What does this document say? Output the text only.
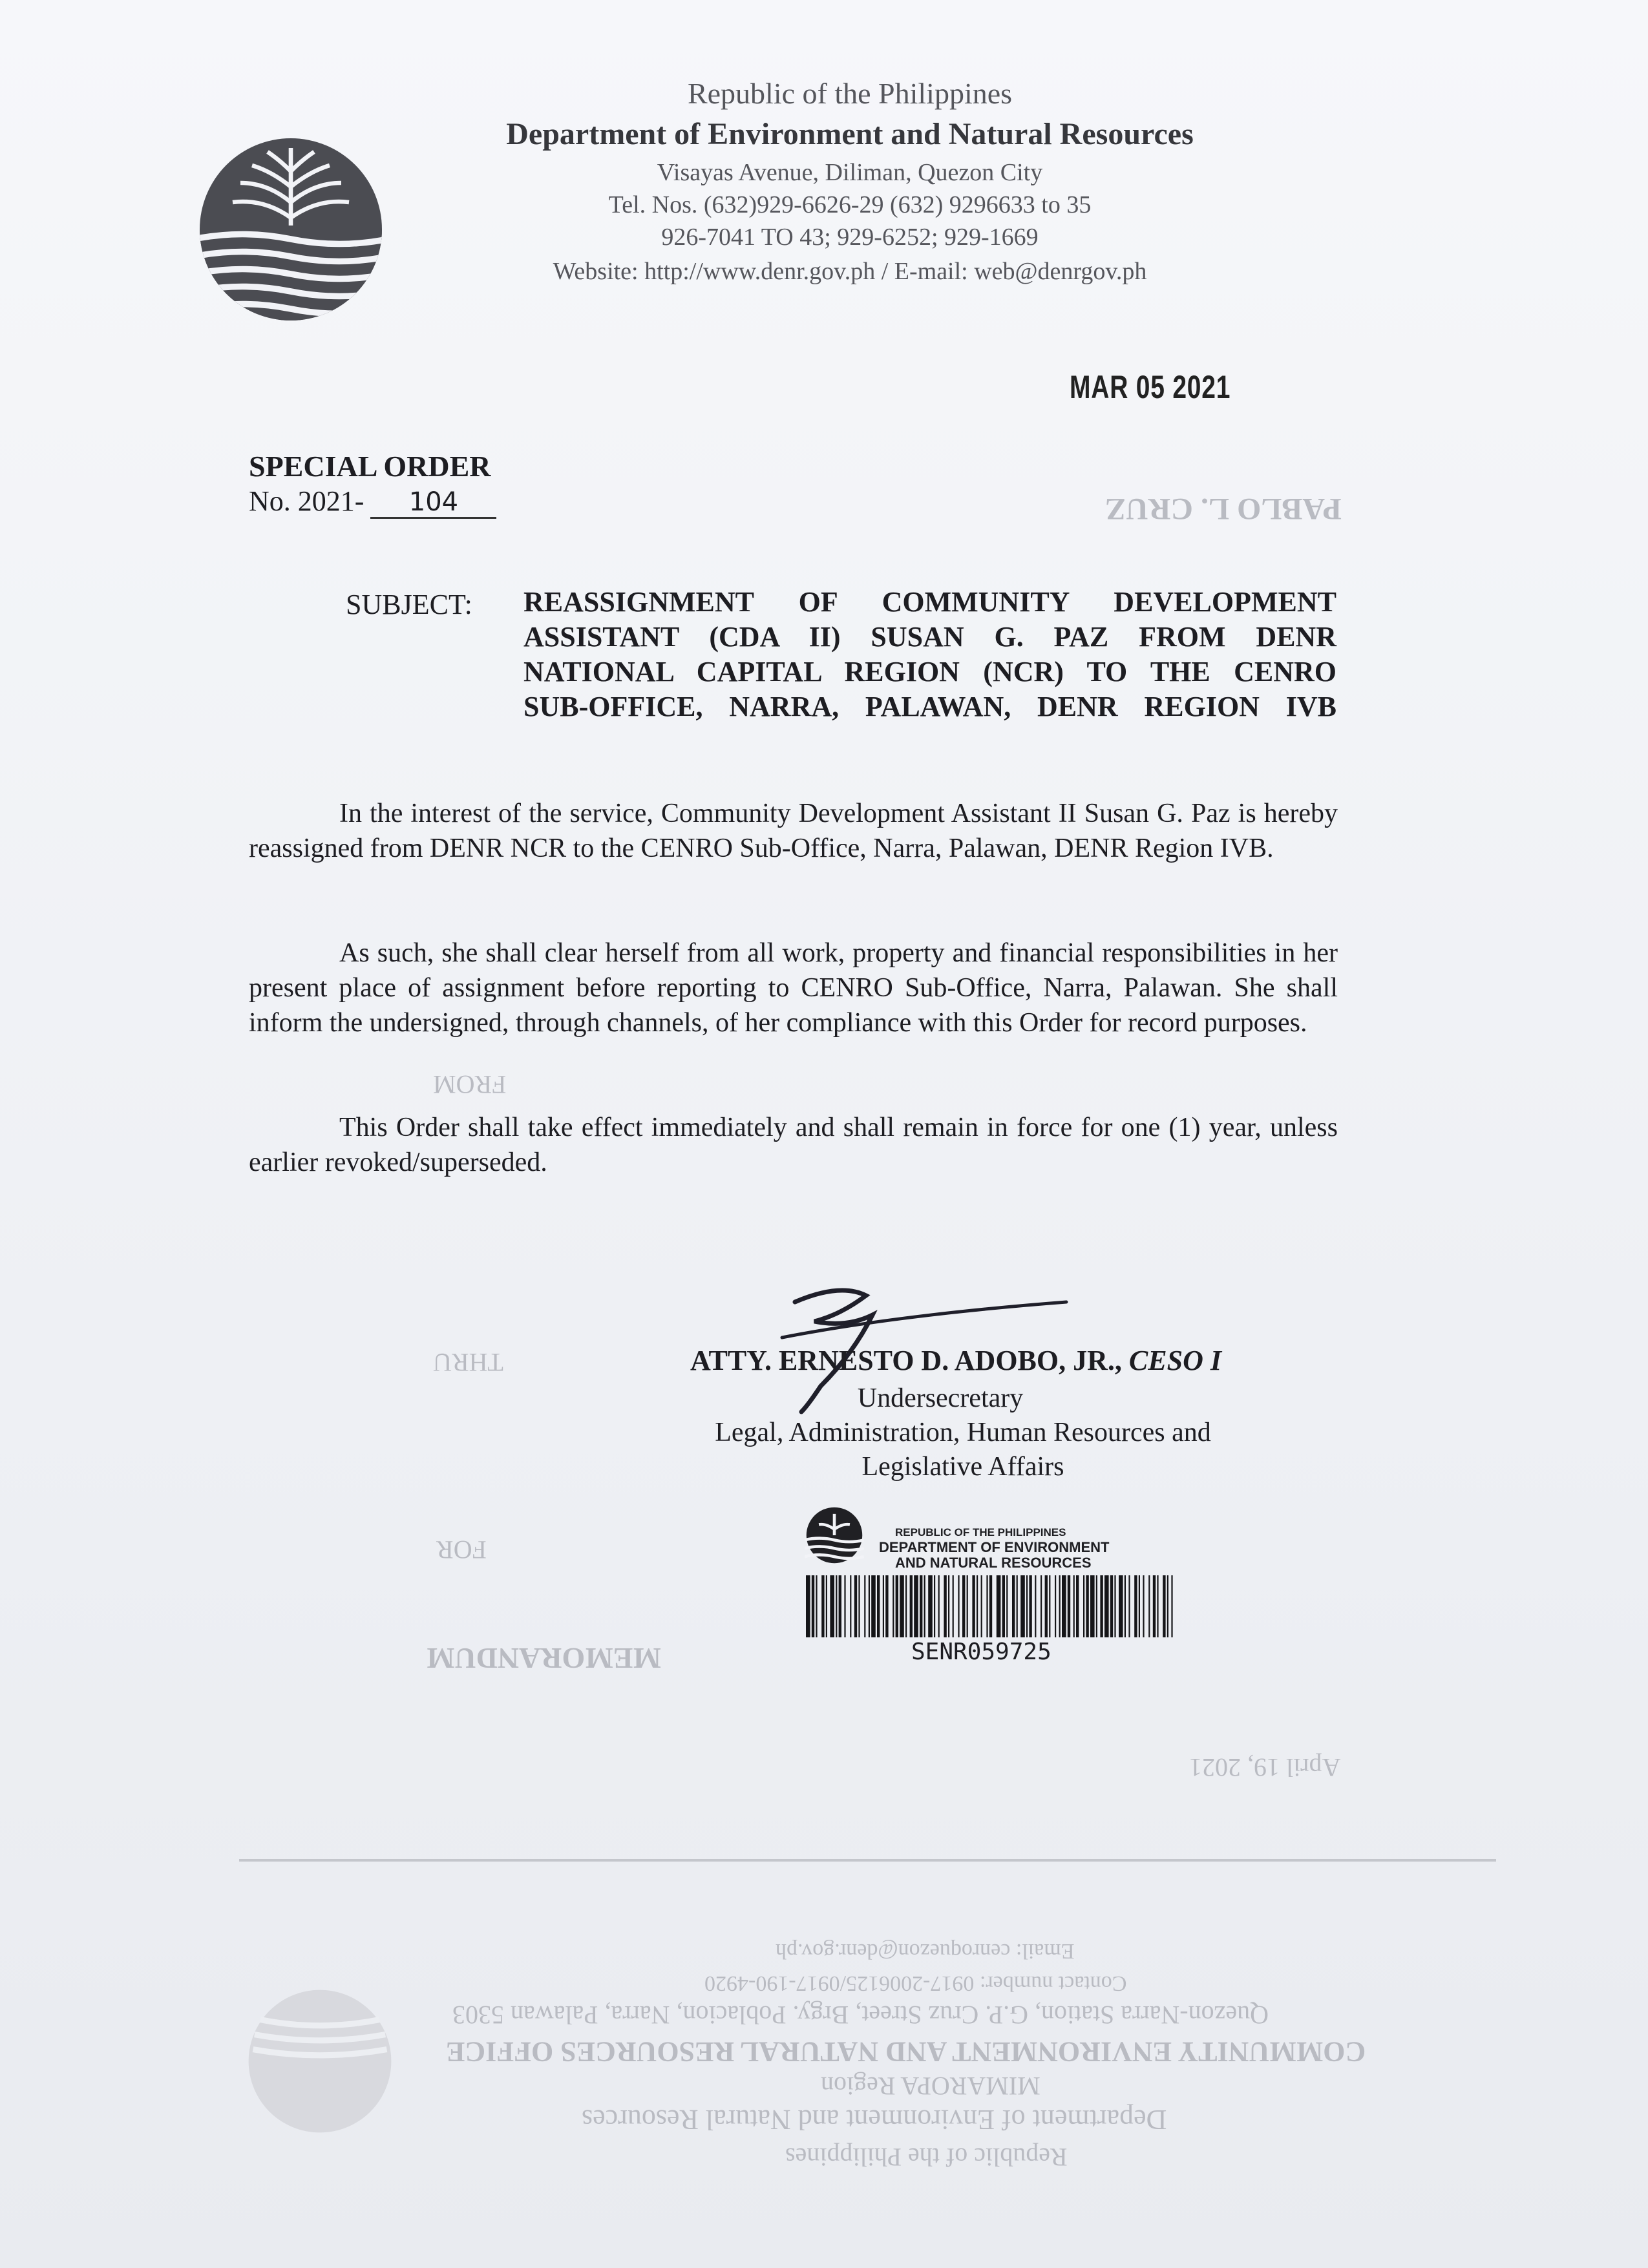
PABLO L. CRUZ
THRU
FROM
FOR
MEMORANDUM
April 19, 2021
Email: cenroquezon@denr.gov.ph
Contact number: 0917-2006125/0917-190-4920
Quezon-Narra Station, G.P. Cruz Street, Brgy. Poblacion, Narra, Palawan 5303
COMMUNITY ENVIRONMENT AND NATURAL RESOURCES OFFICE
MIMAROPA Region
Department of Environment and Natural Resources
Republic of the Philippines
Republic of the Philippines
Department of Environment and Natural Resources
Visayas Avenue, Diliman, Quezon City
Tel. Nos. (632)929-6626-29 (632) 9296633 to 35
926-7041 TO 43; 929-6252; 929-1669
Website: http://www.denr.gov.ph / E-mail: web@denrgov.ph
MAR 05 2021
SPECIAL ORDER
No. 2021- 104
SUBJECT: REASSIGNMENT OF COMMUNITY DEVELOPMENT
ASSISTANT (CDA II) SUSAN G. PAZ FROM DENR
NATIONAL CAPITAL REGION (NCR) TO THE CENRO
SUB-OFFICE, NARRA, PALAWAN, DENR REGION IVB
In the interest of the service, Community Development Assistant II Susan G. Paz is hereby reassigned from DENR NCR to the CENRO Sub-Office, Narra, Palawan, DENR Region IVB.
As such, she shall clear herself from all work, property and financial responsibilities in her present place of assignment before reporting to CENRO Sub-Office, Narra, Palawan. She shall inform the undersigned, through channels, of her compliance with this Order for record purposes.
This Order shall take effect immediately and shall remain in force for one (1) year, unless earlier revoked/superseded.
ATTY. ERNESTO D. ADOBO, JR., CESO I
Undersecretary
Legal, Administration, Human Resources and
Legislative Affairs
REPUBLIC OF THE PHILIPPINES
DEPARTMENT OF ENVIRONMENT
AND NATURAL RESOURCES
SENR059725
